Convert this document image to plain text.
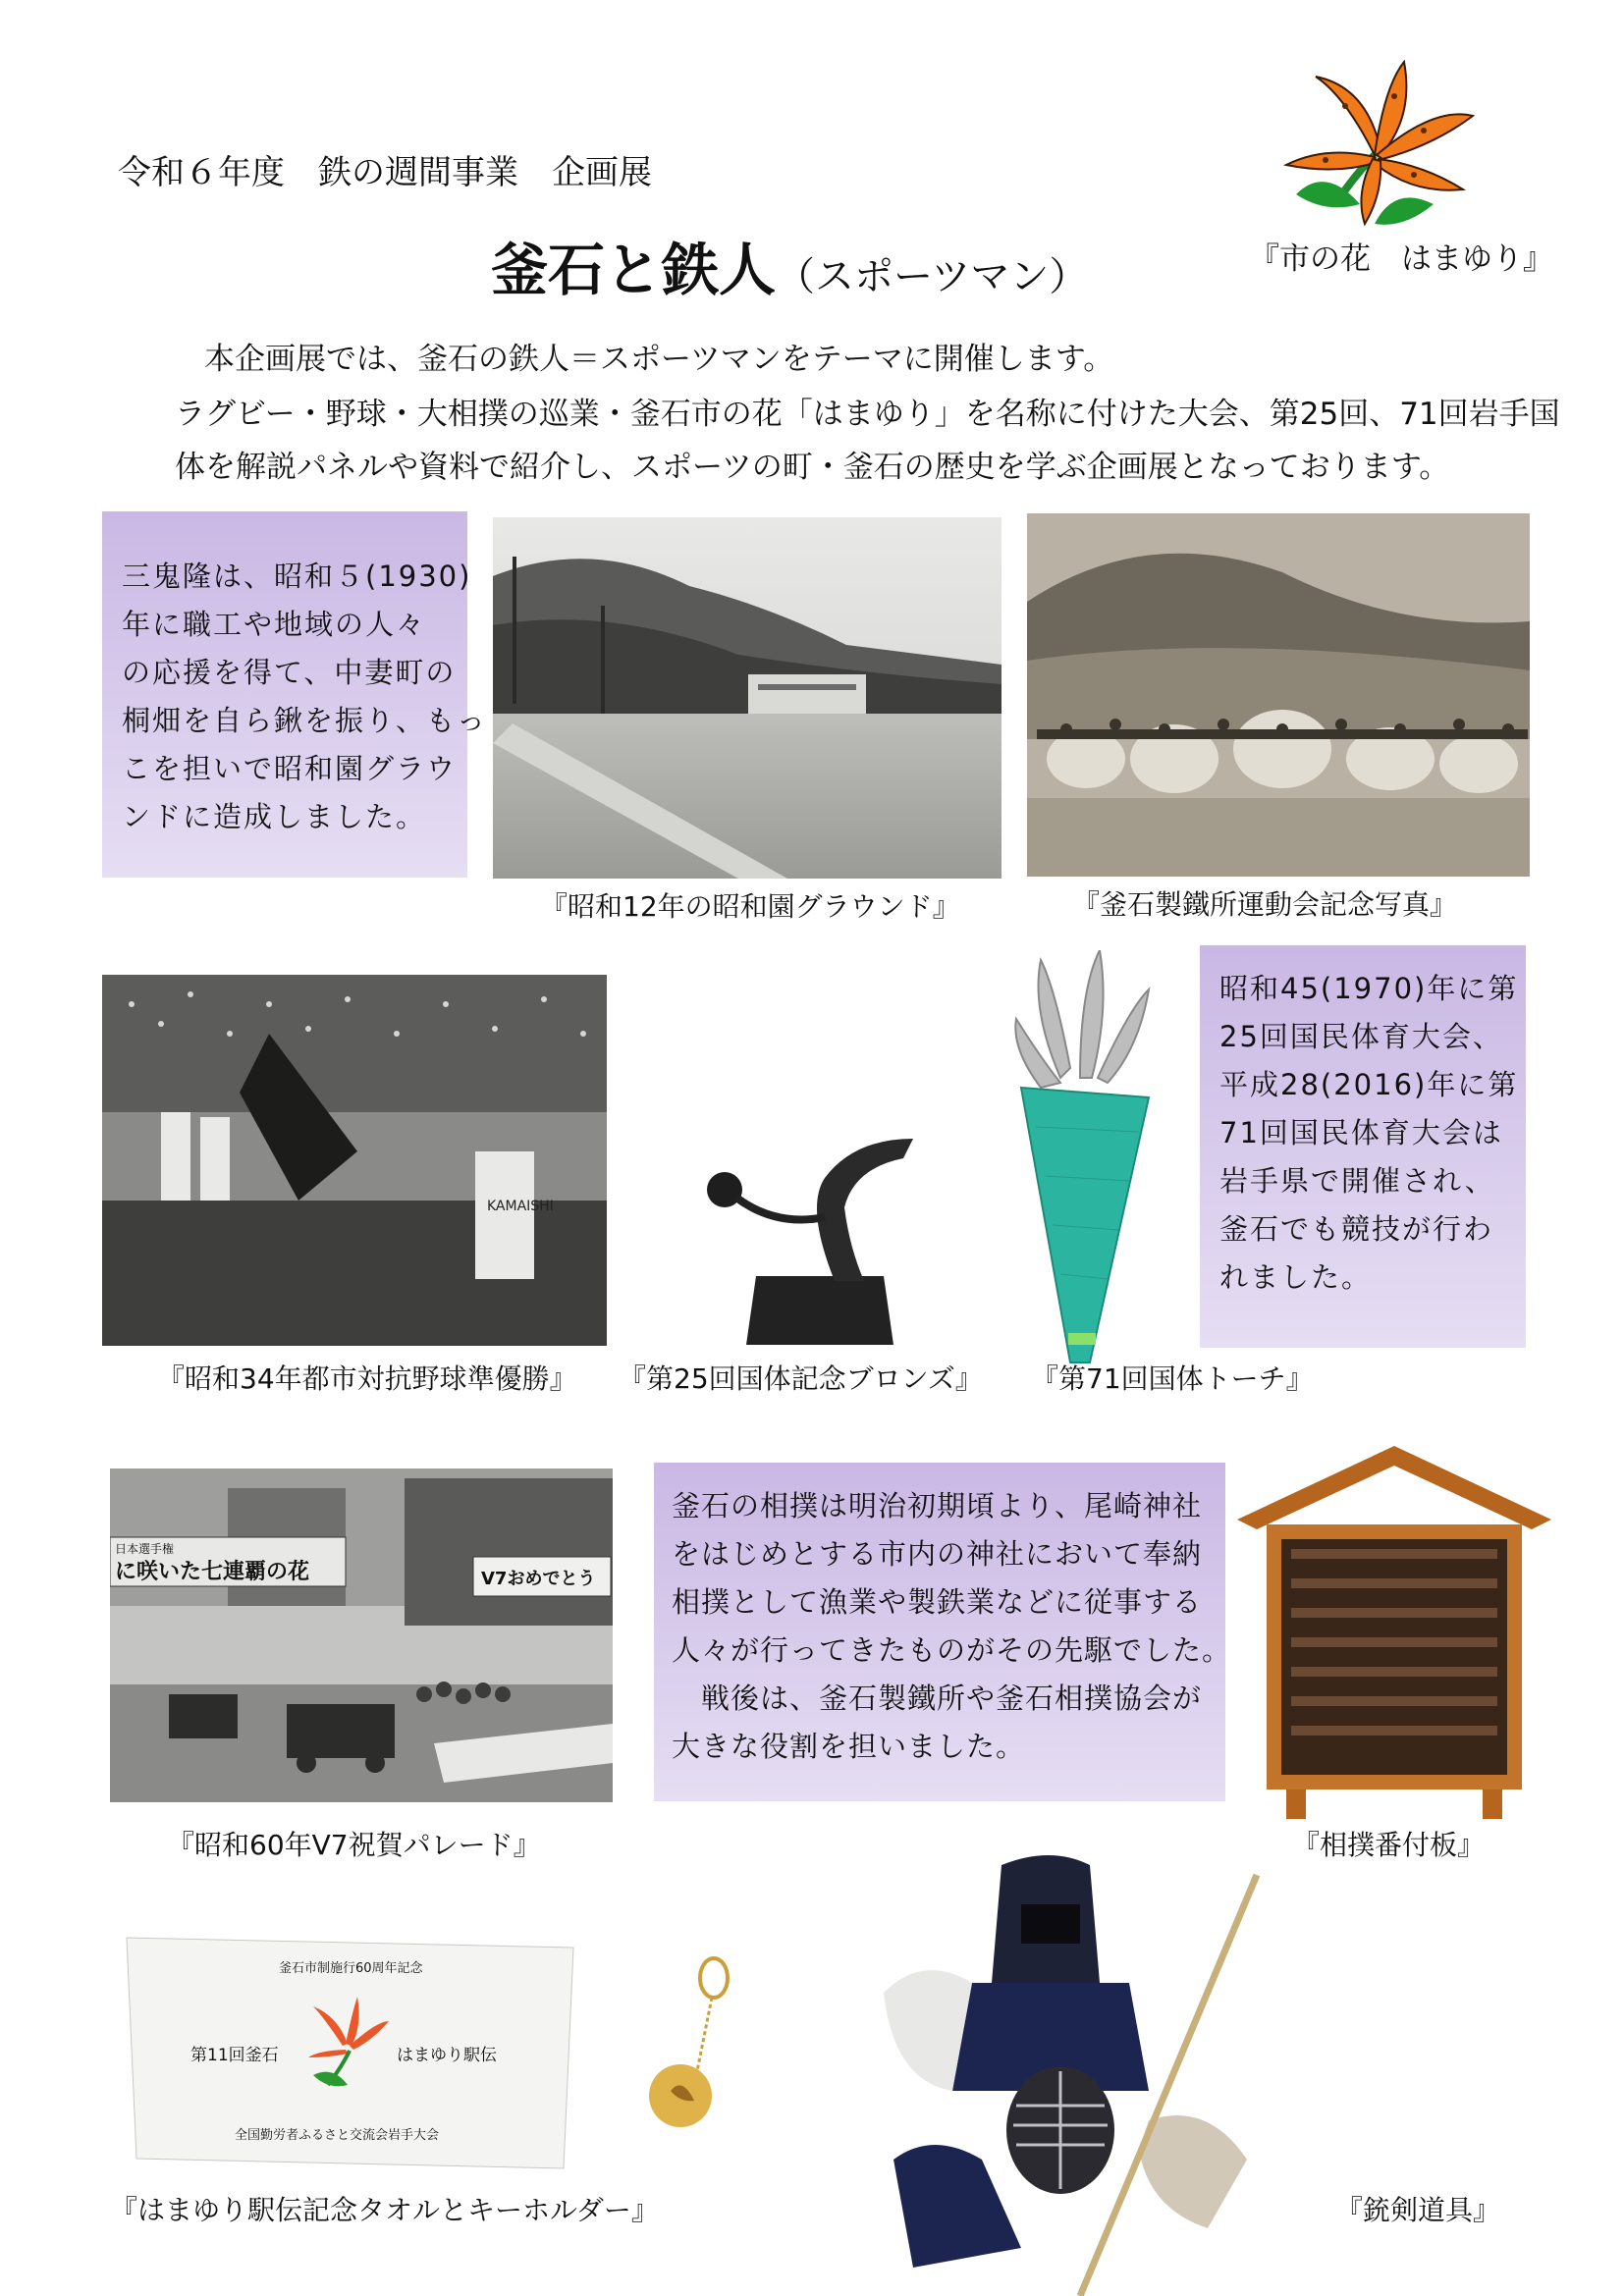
令和６年度　鉄の週間事業　企画展
釜石と鉄人（スポーツマン）	『市の花　はまゆり』
本企画展では、釜石の鉄人＝スポーツマンをテーマに開催します。
ラグビー・野球・大相撲の巡業・釜石市の花「はまゆり」を名称に付けた大会、第25回、71回岩手国
体を解説パネルや資料で紹介し、スポーツの町・釜石の歴史を学ぶ企画展となっております。
三鬼隆は、昭和５(1930)
年に職工や地域の人々
の応援を得て、中妻町の
桐畑を自ら鍬を振り、もっ
こを担いで昭和園グラウ
ンドに造成しました。
『昭和12年の昭和園グラウンド』	『釜石製鐵所運動会記念写真』
KAMAISHI
『昭和34年都市対抗野球準優勝』 『第25回国体記念ブロンズ』 『第71回国体トーチ』
昭和45(1970)年に第
25回国民体育大会、
平成28(2016)年に第
71回国民体育大会は
岩手県で開催され、
釜石でも競技が行わ
れました。
日本選手権
に咲いた七連覇の花	V7おめでとう
『昭和60年V7祝賀パレード』
釜石の相撲は明治初期頃より、尾崎神社
をはじめとする市内の神社において奉納
相撲として漁業や製鉄業などに従事する
人々が行ってきたものがその先駆でした。
　戦後は、釜石製鐵所や釜石相撲協会が
大きな役割を担いました。
『相撲番付板』
釜石市制施行60周年記念
第11回釜石	はまゆり駅伝
全国勤労者ふるさと交流会岩手大会
『はまゆり駅伝記念タオルとキーホルダー』	『銃剣道具』
